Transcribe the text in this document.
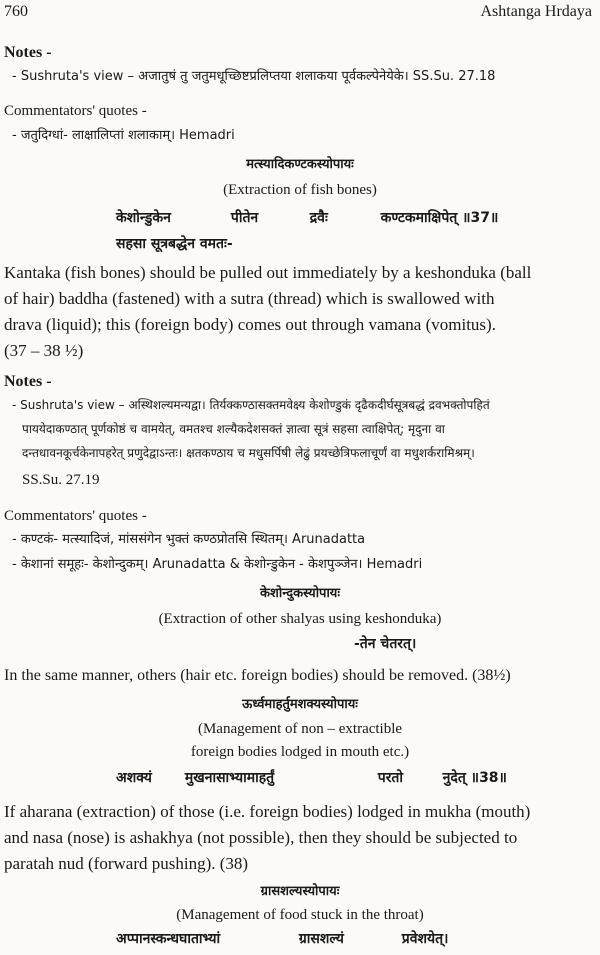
760	Ashtanga Hrdaya
Notes -
- Sushruta's view – अजातुषं तु जतुमधूच्छिष्टप्रलिप्तया शलाकया पूर्वकल्पेनेयेके। SS.Su. 27.18
Commentators' quotes -
- जतुदिग्धां- लाक्षालिप्तां शलाकाम्। Hemadri
मत्स्यादिकण्टकस्योपायः
(Extraction of fish bones)
केशोन्डुकेन	पीतेन	द्रवैः	कण्टकमाक्षिपेत् ॥37॥
सहसा सूत्रबद्धेन वमतः-
Kantaka (fish bones) should be pulled out immediately by a keshonduka (ball
of hair) baddha (fastened) with a sutra (thread) which is swallowed with
drava (liquid); this (foreign body) comes out through vamana (vomitus).
(37 – 38 ½)
Notes -
- Sushruta's view – अस्थिशल्यमन्यद्वा। तिर्यक्कण्ठासक्तमवेक्ष्य केशोण्डुकं दृढैकदीर्घसूत्रबद्धं द्रवभक्तोपहितं
पाययेदाकण्ठात् पूर्णकोष्ठं च वामयेत्, वमतश्च शल्यैकदेशसक्तं ज्ञात्वा सूत्रं सहसा त्वाक्षिपेत्; मृदुना वा
दन्तधावनकूर्चकेनापहरेत् प्रणुदेद्वाऽन्तः। क्षतकण्ठाय च मधुसर्पिषी लेढुं प्रयच्छेत्रिफलाचूर्णं वा मधुशर्करामिश्रम्।
SS.Su. 27.19
Commentators' quotes -
- कण्टकं- मत्स्यादिजं, मांससंगेन भुक्तं कण्ठप्रोतसि स्थितम्। Arunadatta
- केशानां समूहः- केशोन्दुकम्। Arunadatta & केशोन्डुकेन - केशपुञ्जेन। Hemadri
केशोन्दुकस्योपायः
(Extraction of other shalyas using keshonduka)
-तेन चेतरत्।
In the same manner, others (hair etc. foreign bodies) should be removed. (38½)
ऊर्ध्वमाहर्तुमशक्यस्योपायः
(Management of non – extractible
foreign bodies lodged in mouth etc.)
अशक्यं मुखनासाभ्यामाहर्तुं	परतो	नुदेत् ॥38॥
If aharana (extraction) of those (i.e. foreign bodies) lodged in mukha (mouth)
and nasa (nose) is ashakhya (not possible), then they should be subjected to
paratah nud (forward pushing). (38)
ग्रासशल्यस्योपायः
(Management of food stuck in the throat)
अप्पानस्कन्धघाताभ्यां	ग्रासशल्यं	प्रवेशयेत्।
